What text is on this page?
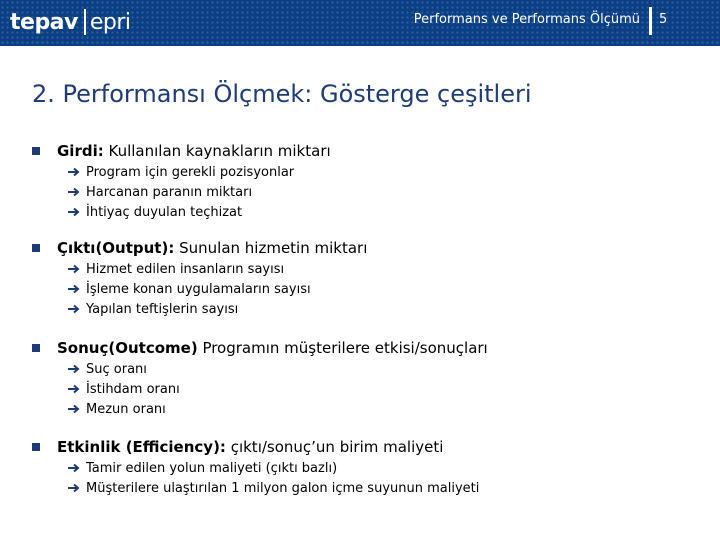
tepav epri	Performans ve Performans Ölçümü 5
2. Performansı Ölçmek: Gösterge çeşitleri
Girdi: Kullanılan kaynakların miktarı
Program için gerekli pozisyonlar
Harcanan paranın miktarı
İhtiyaç duyulan teçhizat
Çıktı(Output): Sunulan hizmetin miktarı
Hizmet edilen insanların sayısı
İşleme konan uygulamaların sayısı
Yapılan teftişlerin sayısı
Sonuç(Outcome) Programın müşterilere etkisi/sonuçları
Suç oranı
İstihdam oranı
Mezun oranı
Etkinlik (Efficiency): çıktı/sonuç’un birim maliyeti
Tamir edilen yolun maliyeti (çıktı bazlı)
Müşterilere ulaştırılan 1 milyon galon içme suyunun maliyeti
